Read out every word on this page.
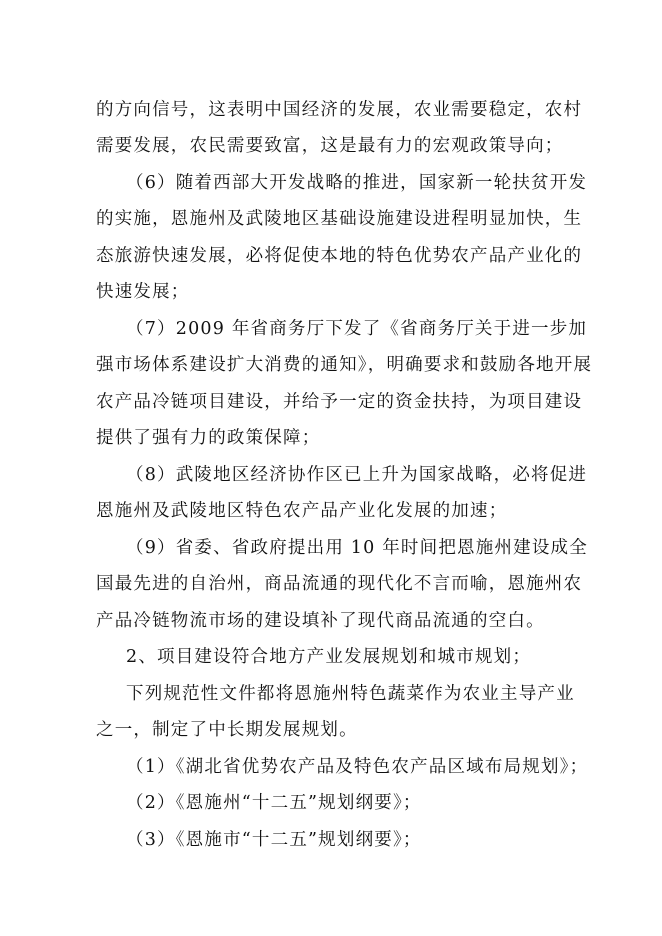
的方向信号，这表明中国经济的发展，农业需要稳定，农村
需要发展，农民需要致富，这是最有力的宏观政策导向；
（6）随着西部大开发战略的推进，国家新一轮扶贫开发
的实施，恩施州及武陵地区基础设施建设进程明显加快，生
态旅游快速发展，必将促使本地的特色优势农产品产业化的
快速发展；
（7）2009 年省商务厅下发了《省商务厅关于进一步加
强市场体系建设扩大消费的通知》，明确要求和鼓励各地开展
农产品冷链项目建设，并给予一定的资金扶持，为项目建设
提供了强有力的政策保障；
（8）武陵地区经济协作区已上升为国家战略，必将促进
恩施州及武陵地区特色农产品产业化发展的加速；
（9）省委、省政府提出用 10 年时间把恩施州建设成全
国最先进的自治州，商品流通的现代化不言而喻，恩施州农
产品冷链物流市场的建设填补了现代商品流通的空白。
2、项目建设符合地方产业发展规划和城市规划；
下列规范性文件都将恩施州特色蔬菜作为农业主导产业
之一，制定了中长期发展规划。
（1）《湖北省优势农产品及特色农产品区域布局规划》；
（2）《恩施州“十二五”规划纲要》；
（3）《恩施市“十二五”规划纲要》；
